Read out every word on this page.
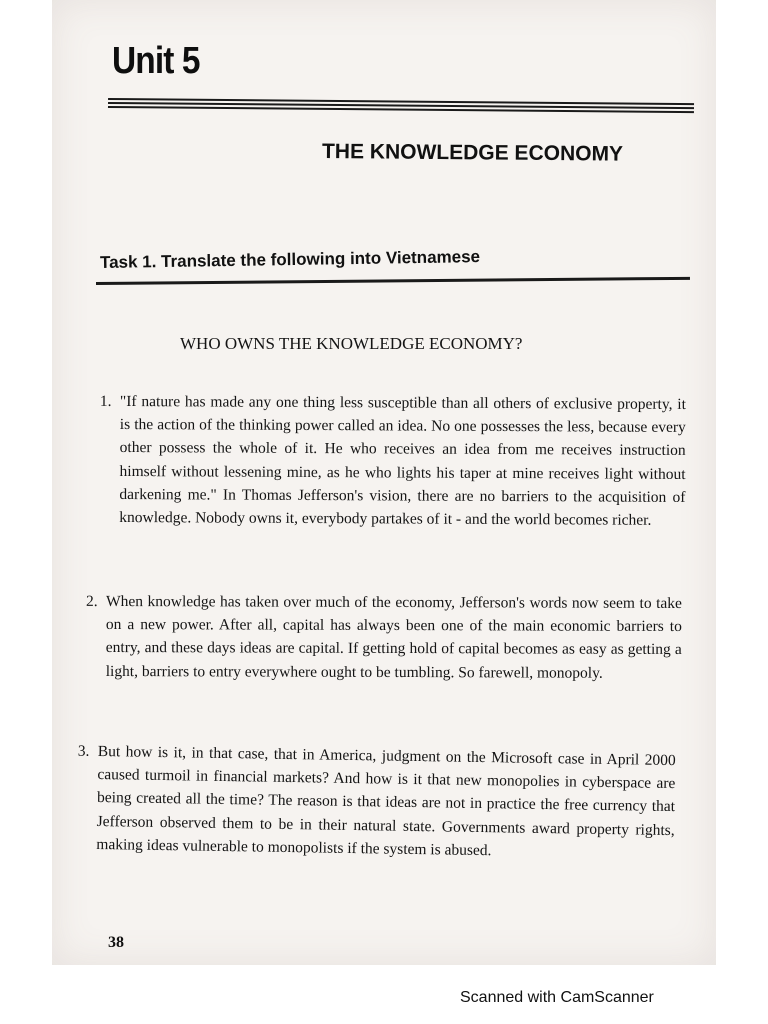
Unit 5
THE KNOWLEDGE ECONOMY
Task 1. Translate the following into Vietnamese
WHO OWNS THE KNOWLEDGE ECONOMY?
1. "If nature has made any one thing less susceptible than all others of exclusive property, it is the action of the thinking power called an idea. No one possesses the less, because every other possess the whole of it. He who receives an idea from me receives instruction himself without lessening mine, as he who lights his taper at mine receives light without darkening me." In Thomas Jefferson's vision, there are no barriers to the acquisition of knowledge. Nobody owns it, everybody partakes of it - and the world becomes richer.
2. When knowledge has taken over much of the economy, Jefferson's words now seem to take on a new power. After all, capital has always been one of the main economic barriers to entry, and these days ideas are capital. If getting hold of capital becomes as easy as getting a light, barriers to entry everywhere ought to be tumbling. So farewell, monopoly.
3. But how is it, in that case, that in America, judgment on the Microsoft case in April 2000 caused turmoil in financial markets? And how is it that new monopolies in cyberspace are being created all the time? The reason is that ideas are not in practice the free currency that Jefferson observed them to be in their natural state. Governments award property rights, making ideas vulnerable to monopolists if the system is abused.
38
Scanned with CamScanner
